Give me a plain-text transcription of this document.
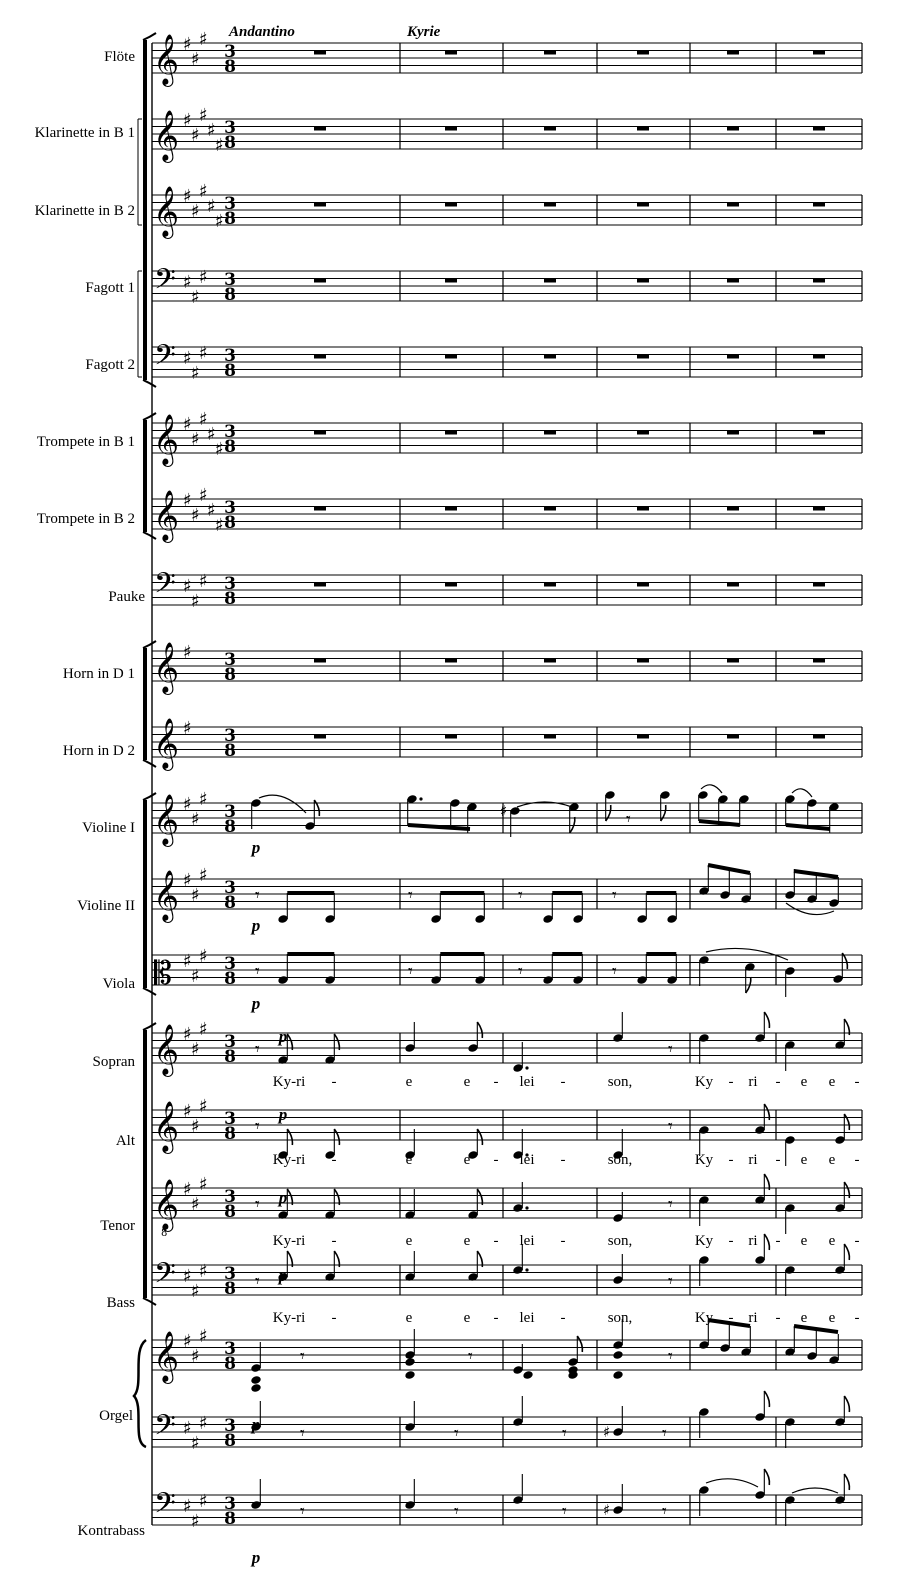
𝄞 ♯
♯
♯
3
8
𝄞 ♯
♯
♯
♯
♯
3
8
𝄞 ♯
♯
♯
♯
♯
3
8
𝄢 ♯
♯
♯ 3
8
𝄢 ♯
♯
♯ 3
8
𝄞 ♯
♯
♯
♯
♯
3
8
𝄞 ♯
♯
♯
♯
♯
3
8
𝄢 ♯
♯
♯ 3
8
𝄞 ♯ 3
8
𝄞 ♯ 3
8
𝄞 ♯
♯
♯
3
8
𝄞 ♯
♯
♯
3
8
𝄡 ♯
♯
♯ 3
8
𝄞 ♯
♯
♯
3
8
𝄞 ♯
♯
♯
3
8
𝄞
8
♯
♯
♯
3
8
𝄢 ♯
♯
♯ 3
8
𝄞 ♯
♯
♯
3
8
𝄢 ♯
♯
♯ 3
8
𝄢 ♯
♯
♯ 3
8
♯	𝄾
𝄾	𝄾	𝄾	𝄾
𝄾	𝄾	𝄾	𝄾
𝄾	𝄾
𝄾	𝄾
𝄾	𝄾
𝄾	𝄾
𝄾	𝄾	𝄾
𝄾	𝄾	𝄾 ♯	𝄾
𝄾	𝄾	𝄾 ♯	𝄾
Andantino	Kyrie
Flöte
Klarinette in B 1
Klarinette in B 2
Fagott 1
Fagott 2
Trompete in B 1
Trompete in B 2
Pauke
Horn in D 1
Horn in D 2
Violine I
Violine II
Viola
Sopran
Alt
Tenor
Bass
Orgel
Kontrabass
p
p
p
p
p
p
p
p
p
Ky-ri -	e	e - lei -	son,	Ky - ri - e e -
Ky-ri -	e	e - lei -	son,	Ky - ri - e e -
Ky-ri -	e	e - lei -	son,	Ky - ri - e e -
Ky-ri -	e	e - lei -	son,	Ky - ri - e e -
